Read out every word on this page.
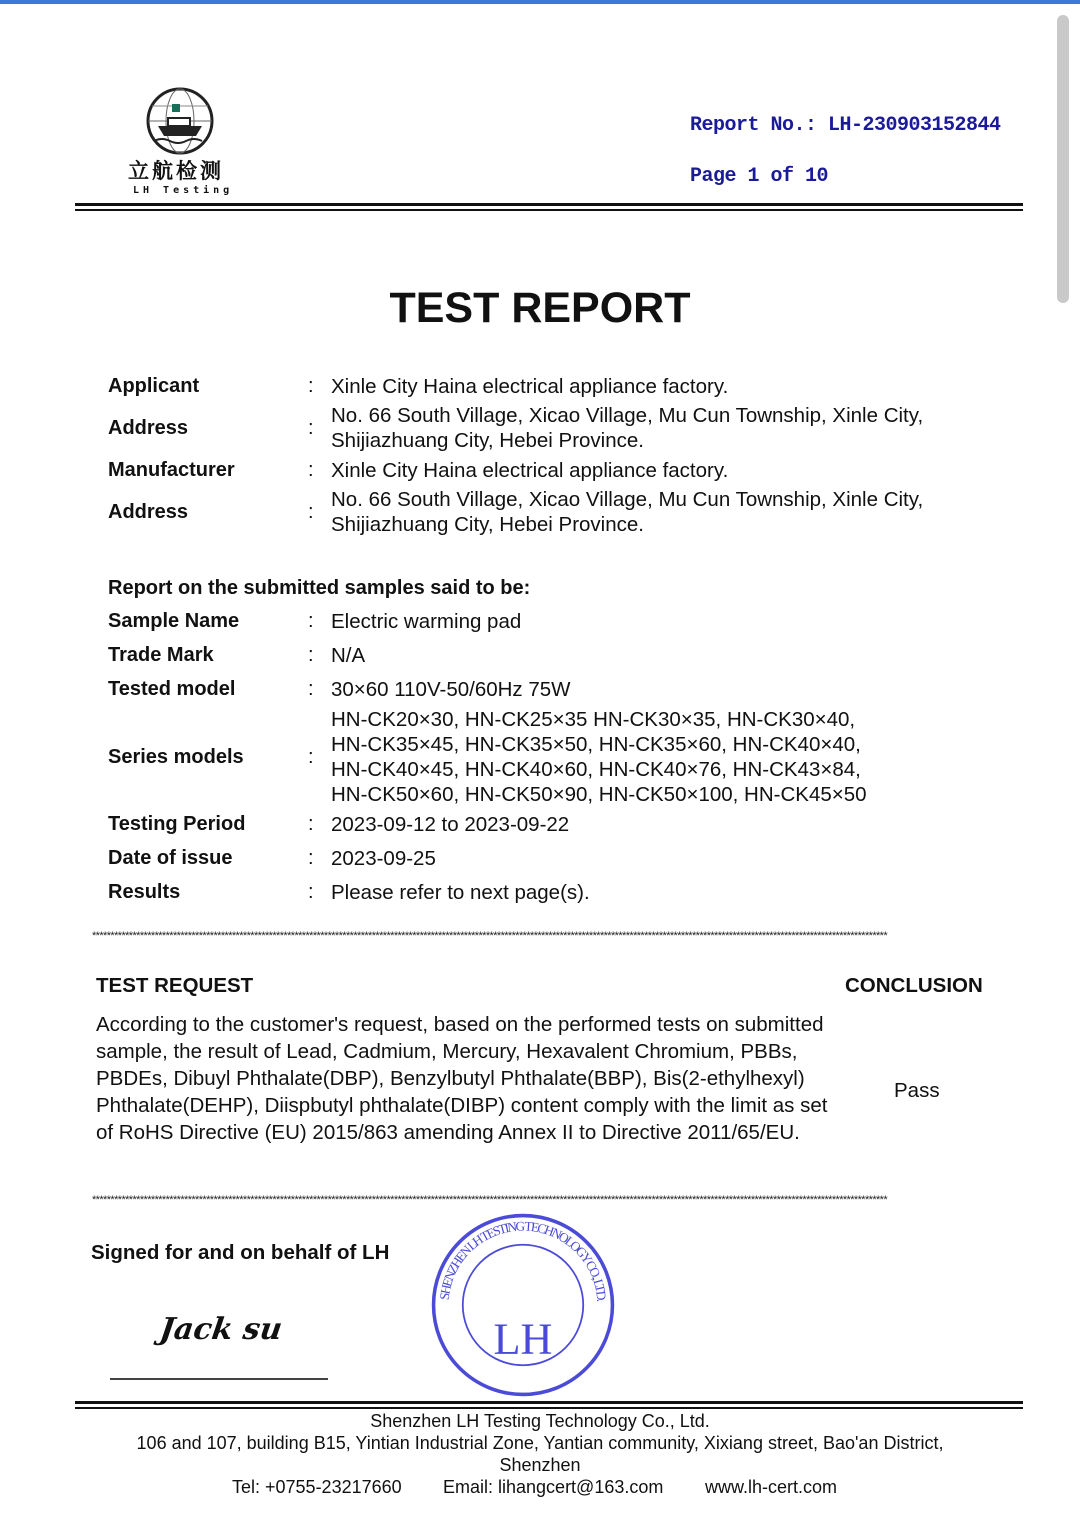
立航检测
LH Testing
Report No.: LH-230903152844
Page 1 of 10
TEST REPORT
Applicant	: Xinle City Haina electrical appliance factory.
Address	:
No. 66 South Village, Xicao Village, Mu Cun Township, Xinle City,
Shijiazhuang City, Hebei Province.
Manufacturer	: Xinle City Haina electrical appliance factory.
Address	:
No. 66 South Village, Xicao Village, Mu Cun Township, Xinle City,
Shijiazhuang City, Hebei Province.
Sample Name	: Electric warming pad
Trade Mark	: N/A
Tested model	: 30×60 110V-50/60Hz 75W
Series models	:
HN-CK20×30, HN-CK25×35 HN-CK30×35, HN-CK30×40,
HN-CK35×45, HN-CK35×50, HN-CK35×60, HN-CK40×40,
HN-CK40×45, HN-CK40×60, HN-CK40×76, HN-CK43×84,
HN-CK50×60, HN-CK50×90, HN-CK50×100, HN-CK45×50
Testing Period	: 2023-09-12 to 2023-09-22
Date of issue	: 2023-09-25
Results	: Please refer to next page(s).
Report on the submitted samples said to be:
************************************************************************************************************************************************************************************************************************
TEST REQUEST	CONCLUSION
According to the customer's request, based on the performed tests on submitted sample, the result of Lead, Cadmium, Mercury, Hexavalent Chromium, PBBs, PBDEs, Dibuyl Phthalate(DBP), Benzylbutyl Phthalate(BBP), Bis(2-ethylhexyl) Phthalate(DEHP), Diispbutyl phthalate(DIBP) content comply with the limit as set of RoHS Directive (EU) 2015/863 amending Annex II to Directive 2011/65/EU.
Pass
************************************************************************************************************************************************************************************************************************
Signed for and on behalf of LH
Jack su
SHENZHEN LH TESTING TECHNOLOGY CO., LTD.
LH
Shenzhen LH Testing Technology Co., Ltd.
106 and 107, building B15, Yintian Industrial Zone, Yantian community, Xixiang street, Bao'an District,
Shenzhen
Tel: +0755-23217660 Email: lihangcert@163.com www.lh-cert.com
